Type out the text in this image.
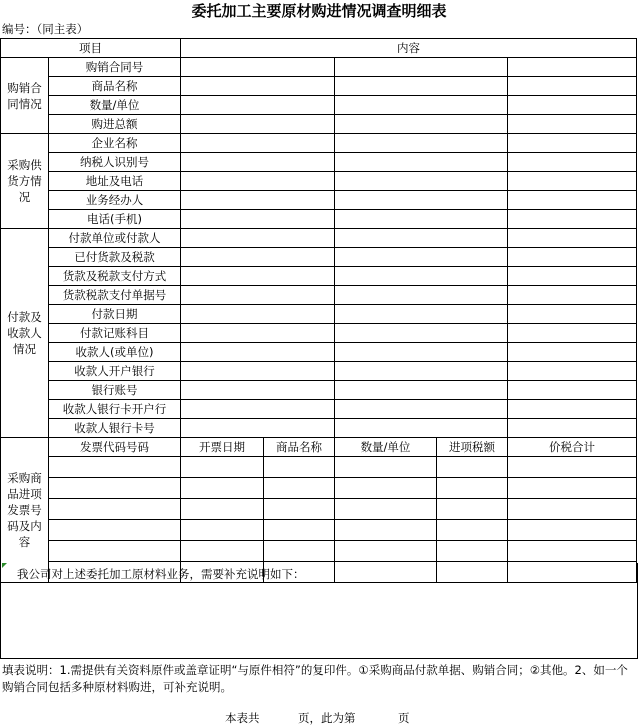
委托加工主要原材购进情况调查明细表
编号：（同主表）
项目		内容				
购销合同情况	购销合同号					
	商品名称					
	数量/单位					
	购进总额					
采购供货方情况	企业名称					
	纳税人识别号					
	地址及电话					
	业务经办人					
	电话(手机)					
付款及收款人情况	付款单位或付款人					
	已付货款及税款					
	货款及税款支付方式					
	货款税款支付单据号					
	付款日期					
	付款记账科目					
	收款人(或单位)					
	收款人开户银行					
	银行账号					
	收款人银行卡开户行					
	收款人银行卡号					
采购商品进项发票号码及内容	发票代码号码	开票日期	商品名称	数量/单位	进项税额	价税合计

我公司对上述委托加工原材料业务，需要补充说明如下：
填表说明：1.需提供有关资料原件或盖章证明“与原件相符”的复印件。①采购商品付款单据、购销合同；②其他。2、如一个购销合同包括多种原材料购进，可补充说明。
本表共	页，此为第	页
